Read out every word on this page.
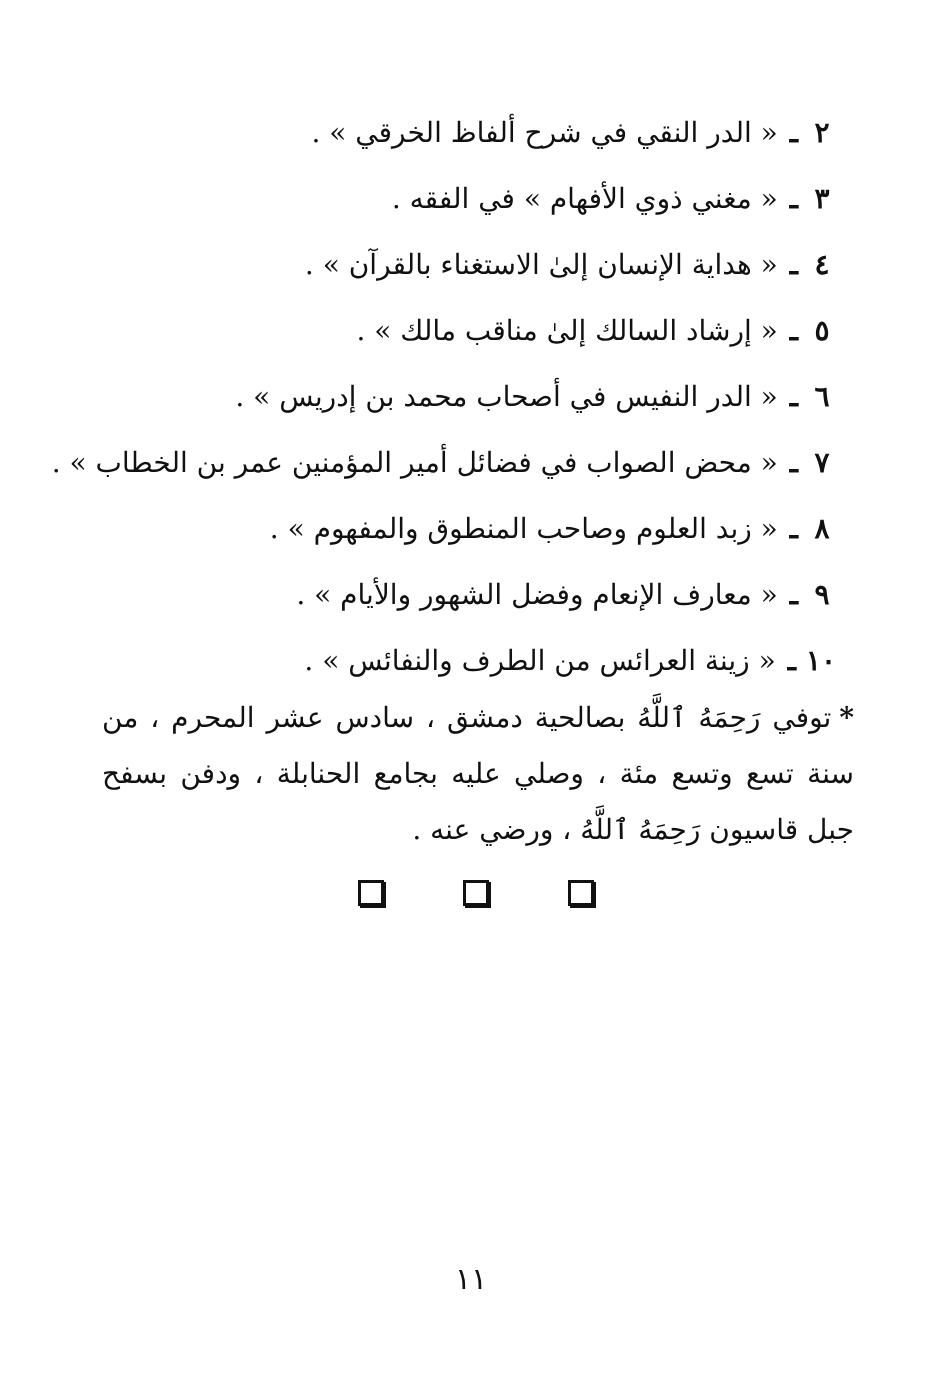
٢
ـ
« الدر النقي في شرح ألفاظ الخرقي » .
٣
ـ
« مغني ذوي الأفهام » في الفقه .
٤
ـ
« هداية الإنسان إلىٰ الاستغناء بالقرآن » .
٥
ـ
« إرشاد السالك إلىٰ مناقب مالك » .
٦
ـ
« الدر النفيس في أصحاب محمد بن إدريس » .
٧
ـ
« محض الصواب في فضائل أمير المؤمنين عمر بن الخطاب » .
٨
ـ
« زبد العلوم وصاحب المنطوق والمفهوم » .
٩
ـ
« معارف الإنعام وفضل الشهور والأيام » .
١٠
ـ
« زينة العرائس من الطرف والنفائس » .

*توفي رَحِمَهُ ٱللَّهُ بصالحية دمشق ، سادس عشر المحرم ، من سنة تسع وتسع مئة ، وصلي عليه بجامع الحنابلة ، ودفن بسفح جبل قاسيون رَحِمَهُ ٱللَّهُ ، ورضي عنه .

١١
